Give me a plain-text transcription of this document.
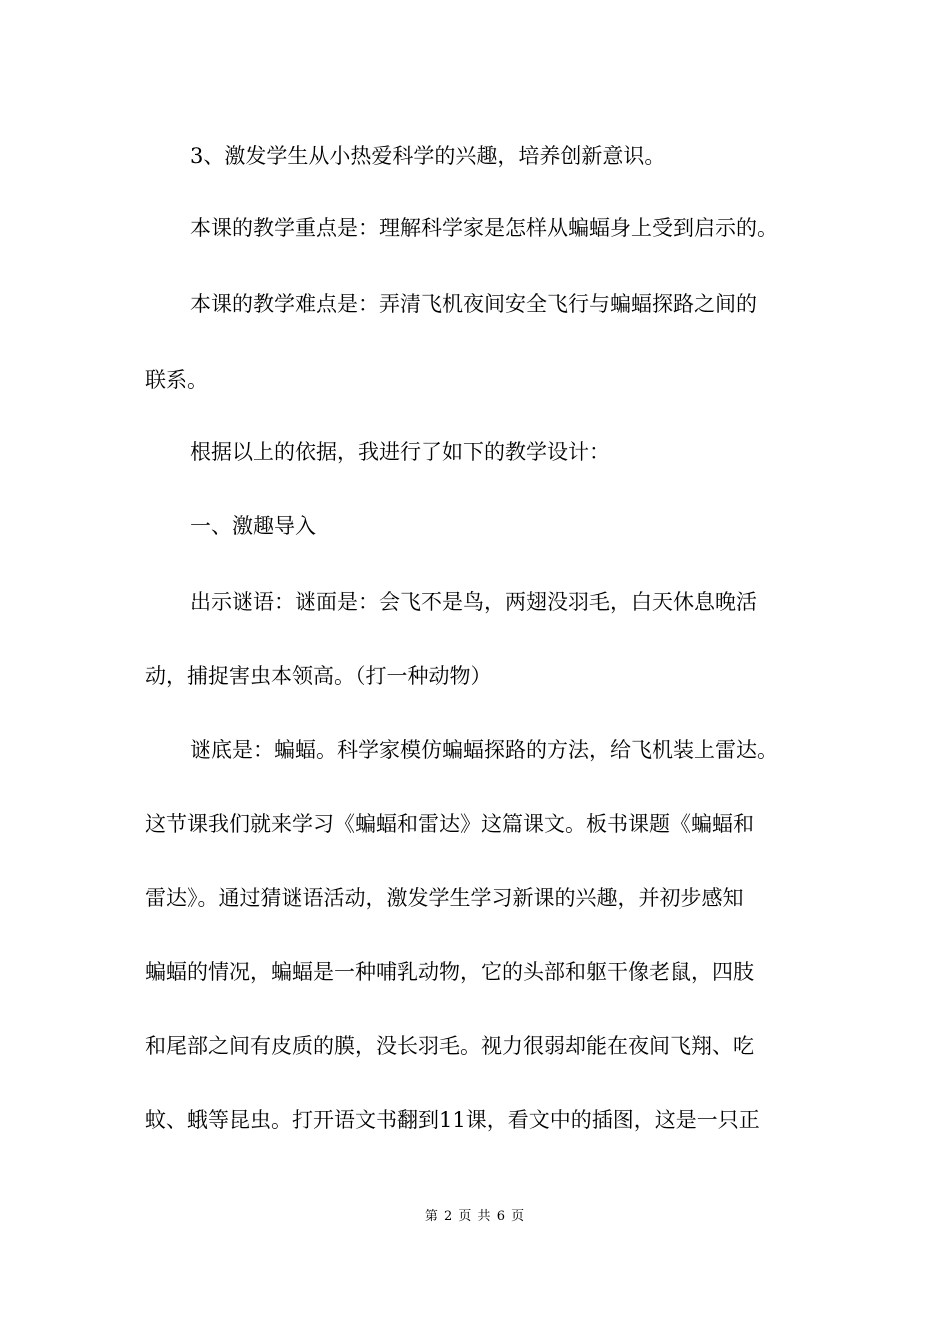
3、激发学生从小热爱科学的兴趣，培养创新意识。

本课的教学重点是：理解科学家是怎样从蝙蝠身上受到启示的。

本课的教学难点是：弄清飞机夜间安全飞行与蝙蝠探路之间的

联系。

根据以上的依据，我进行了如下的教学设计：

一、激趣导入

出示谜语：谜面是：会飞不是鸟，两翅没羽毛，白天休息晚活

动，捕捉害虫本领高。（打一种动物）

谜底是：蝙蝠。科学家模仿蝙蝠探路的方法，给飞机装上雷达。

这节课我们就来学习《蝙蝠和雷达》这篇课文。板书课题《蝙蝠和

雷达》。通过猜谜语活动，激发学生学习新课的兴趣，并初步感知

蝙蝠的情况，蝙蝠是一种哺乳动物，它的头部和躯干像老鼠，四肢

和尾部之间有皮质的膜，没长羽毛。视力很弱却能在夜间飞翔、吃

蚊、蛾等昆虫。打开语文书翻到11课，看文中的插图，这是一只正

第 2 页 共 6 页
